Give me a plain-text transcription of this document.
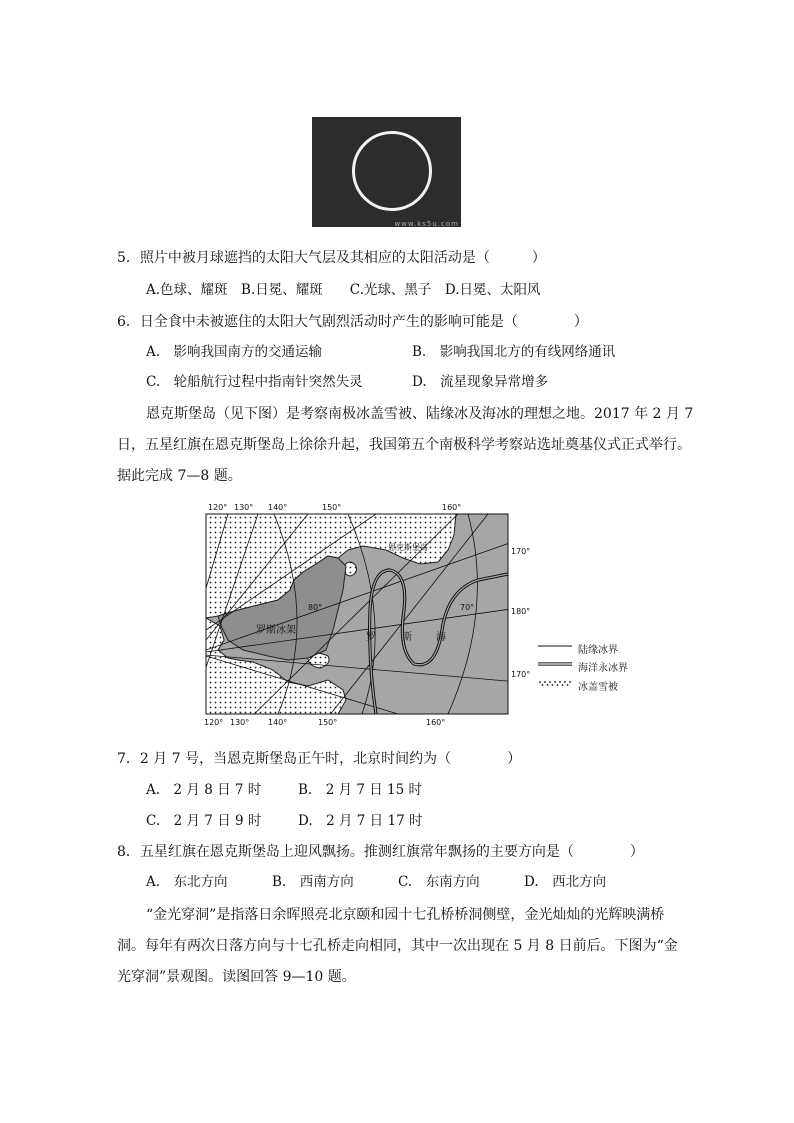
www.ks5u.com
5．照片中被月球遮挡的太阳大气层及其相应的太阳活动是（　　　）
A.色球、耀斑　B.日冕、耀斑　　C.光球、黑子　D.日冕、太阳风
6．日全食中未被遮住的太阳大气剧烈活动时产生的影响可能是（　　　　）
A.　影响我国南方的交通运输	B.　影响我国北方的有线网络通讯
C.　轮船航行过程中指南针突然失灵	D.　流星现象异常增多
恩克斯堡岛（见下图）是考察南极冰盖雪被、陆缘冰及海冰的理想之地。2017 年 2 月 7
日，五星红旗在恩克斯堡岛上徐徐升起，我国第五个南极科学考察站选址奠基仪式正式举行。
据此完成 7—8 题。
120° 130° 140°	150°	160°
120° 130° 140°	150°	160°
170°
180°
170°
80°	70°
恩克斯堡岛
罗斯冰架
罗	斯 海
陆缘冰界
海洋永冰界
冰盖雪被
7．2 月 7 号，当恩克斯堡岛正午时，北京时间约为（　　　　）
A.　2 月 8 日 7 时	B.　2 月 7 日 15 时
C.　2 月 7 日 9 时	D.　2 月 7 日 17 时
8．五星红旗在恩克斯堡岛上迎风飘扬。推测红旗常年飘扬的主要方向是（　　　　）
A.　东北方向	B.　西南方向	C.　东南方向	D.　西北方向
“金光穿洞”是指落日余晖照亮北京颐和园十七孔桥桥洞侧壁，金光灿灿的光辉映满桥
洞。每年有两次日落方向与十七孔桥走向相同，其中一次出现在 5 月 8 日前后。下图为“金
光穿洞”景观图。读图回答 9—10 题。
